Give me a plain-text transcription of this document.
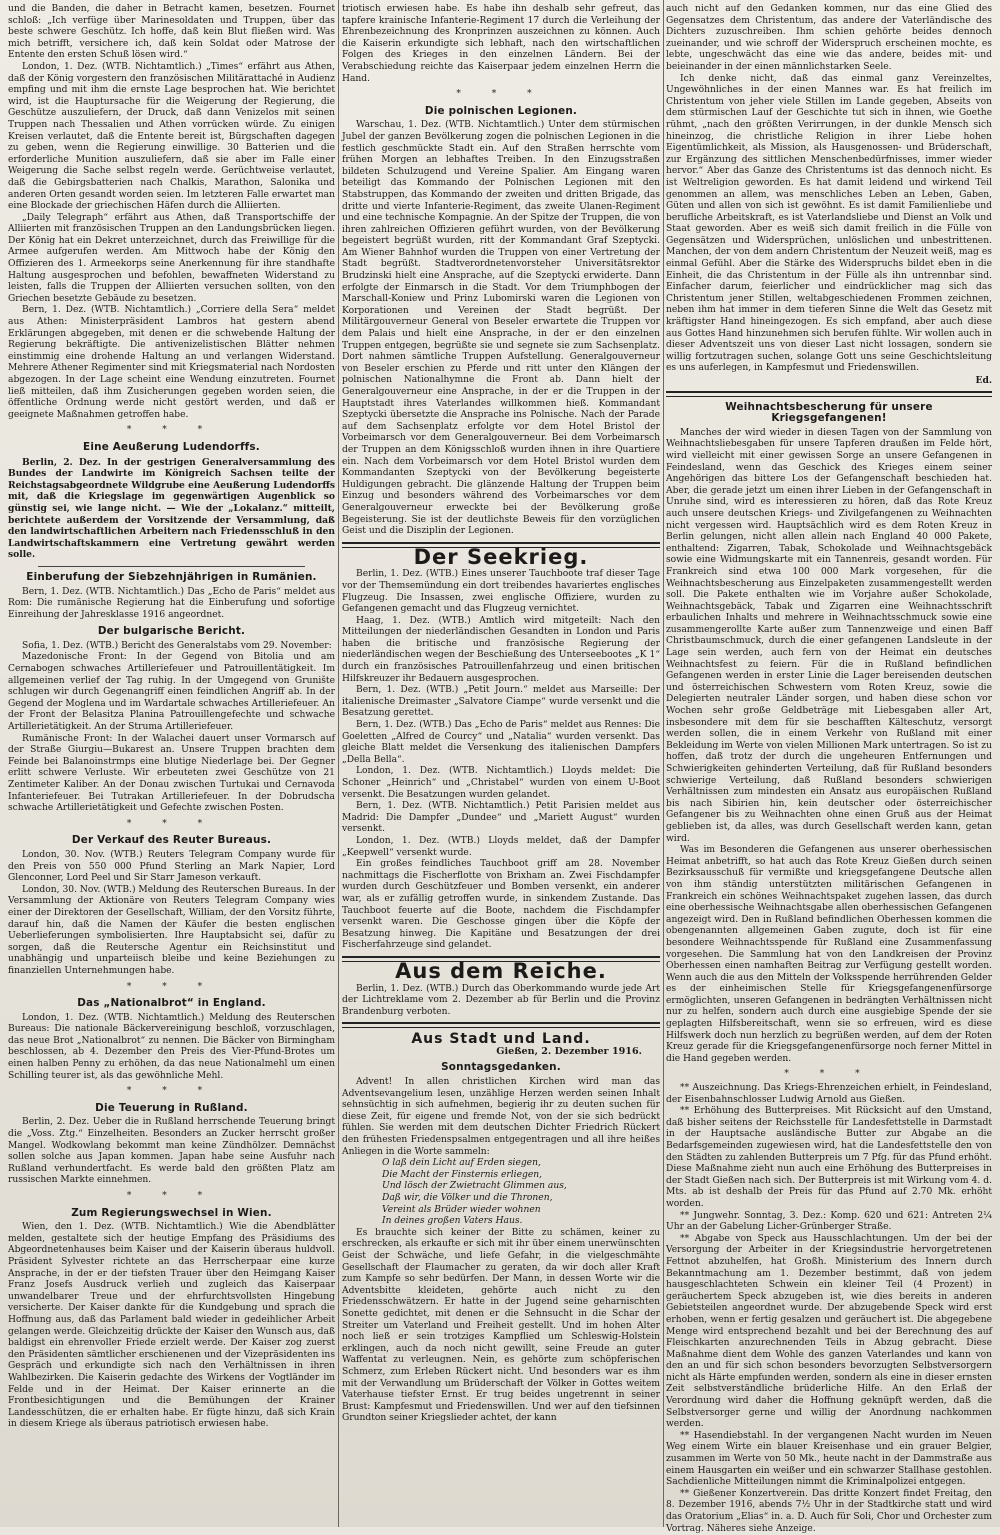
und die Banden, die daher in Betracht kamen, besetzen. Fournet schloß: „Ich verfüge über Marinesoldaten und Truppen, über das beste schwere Geschütz. Ich hoffe, daß kein Blut fließen wird. Was mich betrifft, versichere ich, daß kein Soldat oder Matrose der Entente den ersten Schuß lösen wird.“

London, 1. Dez. (WTB. Nichtamtlich.) „Times“ erfährt aus Athen, daß der König vorgestern den französischen Militärattaché in Audienz empfing und mit ihm die ernste Lage besprochen hat. Wie berichtet wird, ist die Hauptursache für die Weigerung der Regierung, die Geschütze auszuliefern, der Druck, daß dann Venizelos mit seinen Truppen nach Thessalien und Athen vorrücken würde. Zu einigen Kreisen verlautet, daß die Entente bereit ist, Bürgschaften dagegen zu geben, wenn die Regierung einwillige. 30 Batterien und die erforderliche Munition auszuliefern, daß sie aber im Falle einer Weigerung die Sache selbst regeln werde. Gerüchtweise verlautet, daß die Gebirgsbatterien nach Chalkis, Marathon, Salonika und anderen Orten gesandt worden seien. Im letzteren Falle erwartet man eine Blockade der griechischen Häfen durch die Alliierten.

„Daily Telegraph“ erfährt aus Athen, daß Transportschiffe der Alliierten mit französischen Truppen an den Landungsbrücken liegen. Der König hat ein Dekret unterzeichnet, durch das Freiwillige für die Armee aufgerufen werden. Am Mittwoch habe der König den Offizieren des 1. Armeekorps seine Anerkennung für ihre standhafte Haltung ausgesprochen und befohlen, bewaffneten Widerstand zu leisten, falls die Truppen der Alliierten versuchen sollten, von den Griechen besetzte Gebäude zu besetzen.

Bern, 1. Dez. (WTB. Nichtamtlich.) „Corriere della Sera“ meldet aus Athen: Ministerpräsident Lambros hat gestern abend Erklärungen abgegeben, mit denen er die schwebende Haltung der Regierung bekräftigte. Die antivenizelistischen Blätter nehmen einstimmig eine drohende Haltung an und verlangen Widerstand. Mehrere Athener Regimenter sind mit Kriegsmaterial nach Nordosten abgezogen. In der Lage scheint eine Wendung einzutreten. Fournet ließ mitteilen, daß ihm Zusicherungen gegeben worden seien, die öffentliche Ordnung werde nicht gestört werden, und daß er geeignete Maßnahmen getroffen habe.

* * *
Eine Aeußerung Ludendorffs.

Berlin, 2. Dez. In der gestrigen Generalversammlung des Bundes der Landwirte im Königreich Sachsen teilte der Reichstagsabgeordnete Wildgrube eine Aeußerung Ludendorffs mit, daß die Kriegslage im gegenwärtigen Augenblick so günstig sei, wie lange nicht. — Wie der „Lokalanz.“ mitteilt, berichtete außerdem der Vorsitzende der Versammlung, daß den landwirtschaftlichen Arbeitern nach Friedensschluß in den Landwirtschaftskammern eine Vertretung gewährt werden solle.

Einberufung der Siebzehnjährigen in Rumänien.

Bern, 1. Dez. (WTB. Nichtamtlich.) Das „Echo de Paris“ meldet aus Rom: Die rumänische Regierung hat die Einberufung und sofortige Einreihung der Jahresklasse 1916 angeordnet.

Der bulgarische Bericht.

Sofia, 1. Dez. (WTB.) Bericht des Generalstabs vom 29. November:

Mazedonische Front: In der Gegend von Bitolia und am Cernabogen schwaches Artilleriefeuer und Patrouillentätigkeit. Im allgemeinen verlief der Tag ruhig. In der Umgegend von Grunište schlugen wir durch Gegenangriff einen feindlichen Angriff ab. In der Gegend der Moglena und im Wardartale schwaches Artilleriefeuer. An der Front der Belasitza Planina Patrouillengefechte und schwache Artillerietätigkeit. An der Struma Artilleriefeuer.

Rumänische Front: In der Walachei dauert unser Vormarsch auf der Straße Giurgiu—Bukarest an. Unsere Truppen brachten dem Feinde bei Balanoinstrmps eine blutige Niederlage bei. Der Gegner erlitt schwere Verluste. Wir erbeuteten zwei Geschütze von 21 Zentimeter Kaliber. An der Donau zwischen Turtukai und Cernavoda Infanteriefeuer. Bei Tutrakan Artilleriefeuer. In der Dobrudscha schwache Artillerietätigkeit und Gefechte zwischen Posten.

* * *
Der Verkauf des Reuter Bureaus.

London, 30. Nov. (WTB.) Reuters Telegram Company wurde für den Preis von 550 000 Pfund Sterling an Mark Napier, Lord Glenconner, Lord Peel und Sir Starr Jameson verkauft.

London, 30. Nov. (WTB.) Meldung des Reuterschen Bureaus. In der Versammlung der Aktionäre von Reuters Telegram Company wies einer der Direktoren der Gesellschaft, William, der den Vorsitz führte, darauf hin, daß die Namen der Käufer die besten englischen Ueberlieferungen symbolisierten. Ihre Hauptabsicht sei, dafür zu sorgen, daß die Reutersche Agentur ein Reichsinstitut und unabhängig und unparteiisch bleibe und keine Beziehungen zu finanziellen Unternehmungen habe.

* * *
Das „Nationalbrot“ in England.

London, 1. Dez. (WTB. Nichtamtlich.) Meldung des Reuterschen Bureaus: Die nationale Bäckervereinigung beschloß, vorzuschlagen, das neue Brot „Nationalbrot“ zu nennen. Die Bäcker von Birmingham beschlossen, ab 4. Dezember den Preis des Vier-Pfund-Brotes um einen halben Penny zu erhöhen, da das neue Nationalmehl um einen Schilling teurer ist, als das gewöhnliche Mehl.

* * *
Die Teuerung in Rußland.

Berlin, 2. Dez. Ueber die in Rußland herrschende Teuerung bringt die „Voss. Ztg.“ Einzelheiten. Besonders an Zucker herrscht großer Mangel. Wodkowlang bekommt man keine Zündhölzer. Demnächst sollen solche aus Japan kommen. Japan habe seine Ausfuhr nach Rußland verhundertfacht. Es werde bald den größten Platz am russischen Markte einnehmen.

* * *
Zum Regierungswechsel in Wien.

Wien, den 1. Dez. (WTB. Nichtamtlich.) Wie die Abendblätter melden, gestaltete sich der heutige Empfang des Präsidiums des Abgeordnetenhauses beim Kaiser und der Kaiserin überaus huldvoll. Präsident Sylvester richtete an das Herrscherpaar eine kurze Ansprache, in der er der tiefsten Trauer über den Heimgang Kaiser Franz Josefs Ausdruck verlieh und zugleich das Kaiserpaar unwandelbarer Treue und der ehrfurchtsvollsten Hingebung versicherte. Der Kaiser dankte für die Kundgebung und sprach die Hoffnung aus, daß das Parlament bald wieder in gedeihlicher Arbeit gelangen werde. Gleichzeitig drückte der Kaiser den Wunsch aus, daß baldigst ein ehrenvoller Friede erzielt werde. Der Kaiser zog zuerst den Präsidenten sämtlicher erschienenen und der Vizepräsidenten ins Gespräch und erkundigte sich nach den Verhältnissen in ihren Wahlbezirken. Die Kaiserin gedachte des Wirkens der Vogtländer im Felde und in der Heimat. Der Kaiser erinnerte an die Frontbesichtigungen und die Bemühungen der Krainer Landesschützen, die er erhalten habe. Er fügte hinzu, daß sich Krain in diesem Kriege als überaus patriotisch erwiesen habe.

triotisch erwiesen habe. Es habe ihn deshalb sehr gefreut, das tapfere krainische Infanterie-Regiment 17 durch die Verleihung der Ehrenbezeichnung des Kronprinzen auszeichnen zu können. Auch die Kaiserin erkundigte sich lebhaft, nach den wirtschaftlichen Folgen des Krieges in den einzelnen Ländern. Bei der Verabschiedung reichte das Kaiserpaar jedem einzelnen Herrn die Hand.

* * *
Die polnischen Legionen.

Warschau, 1. Dez. (WTB. Nichtamtlich.) Unter dem stürmischen Jubel der ganzen Bevölkerung zogen die polnischen Legionen in die festlich geschmückte Stadt ein. Auf den Straßen herrschte vom frühen Morgen an lebhaftes Treiben. In den Einzugsstraßen bildeten Schulzugend und Vereine Spalier. Am Eingang waren beteiligt das Kommando der Polnischen Legionen mit den Stabstruppen, das Kommando der zweiten und dritten Brigade, das dritte und vierte Infanterie-Regiment, das zweite Ulanen-Regiment und eine technische Kompagnie. An der Spitze der Truppen, die von ihren zahlreichen Offizieren geführt wurden, von der Bevölkerung begeistert begrüßt wurden, ritt der Kommandant Graf Szeptycki. Am Wiener Bahnhof wurden die Truppen von einer Vertretung der Stadt begrüßt. Stadtverordnetenvorsteher Universitätsrektor Brudzinski hielt eine Ansprache, auf die Szeptycki erwiderte. Dann erfolgte der Einmarsch in die Stadt. Vor dem Triumphbogen der Marschall-Koniew und Prinz Lubomirski waren die Legionen von Korporationen und Vereinen der Stadt begrüßt. Der Militärgouverneur General von Beseler erwartete die Truppen vor dem Palais und hielt eine Ansprache, in der er den einzelnen Truppen entgegen, begrüßte sie und segnete sie zum Sachsenplatz. Dort nahmen sämtliche Truppen Aufstellung. Generalgouverneur von Beseler erschien zu Pferde und ritt unter den Klängen der polnischen Nationalhymne die Front ab. Dann hielt der Generalgouverneur eine Ansprache, in der er die Truppen in der Hauptstadt ihres Vaterlandes willkommen hieß. Kommandant Szeptycki übersetzte die Ansprache ins Polnische. Nach der Parade auf dem Sachsenplatz erfolgte vor dem Hotel Bristol der Vorbeimarsch vor dem Generalgouverneur. Bei dem Vorbeimarsch der Truppen an dem Königsschloß wurden ihnen in ihre Quartiere ein. Nach dem Vorbeimarsch vor dem Hotel Bristol wurden dem Kommandanten Szeptycki von der Bevölkerung begeisterte Huldigungen gebracht. Die glänzende Haltung der Truppen beim Einzug und besonders während des Vorbeimarsches vor dem Generalgouverneur erweckte bei der Bevölkerung große Begeisterung. Sie ist der deutlichste Beweis für den vorzüglichen Geist und die Disziplin der Legionen.

Der Seekrieg.

Berlin, 1. Dez. (WTB.) Eines unserer Tauchboote traf dieser Tage vor der Themsemündung ein dort treibendes havariertes englisches Flugzeug. Die Insassen, zwei englische Offiziere, wurden zu Gefangenen gemacht und das Flugzeug vernichtet.

Haag, 1. Dez. (WTB.) Amtlich wird mitgeteilt: Nach den Mitteilungen der niederländischen Gesandten in London und Paris haben die britische und französische Regierung der niederländischen wegen der Beschießung des Unterseebootes „K 1“ durch ein französisches Patrouillenfahrzeug und einen britischen Hilfskreuzer ihr Bedauern ausgesprochen.

Bern, 1. Dez. (WTB.) „Petit Journ.“ meldet aus Marseille: Der italienische Dreimaster „Salvatore Ciampe“ wurde versenkt und die Besatzung gerettet.

Bern, 1. Dez. (WTB.) Das „Echo de Paris“ meldet aus Rennes: Die Goeletten „Alfred de Courcy“ und „Natalia“ wurden versenkt. Das gleiche Blatt meldet die Versenkung des italienischen Dampfers „Della Bella“.

London, 1. Dez. (WTB. Nichtamtlich.) Lloyds meldet: Die Schoner „Heinrich“ und „Christabel“ wurden von einem U-Boot versenkt. Die Besatzungen wurden gelandet.

Bern, 1. Dez. (WTB. Nichtamtlich.) Petit Parisien meldet aus Madrid: Die Dampfer „Dundee“ und „Mariett August“ wurden versenkt.

London, 1. Dez. (WTB.) Lloyds meldet, daß der Dampfer „Keepwell“ versenkt wurde.

Ein großes feindliches Tauchboot griff am 28. November nachmittags die Fischerflotte von Brixham an. Zwei Fischdampfer wurden durch Geschützfeuer und Bomben versenkt, ein anderer war, als er zufällig getroffen wurde, in sinkendem Zustande. Das Tauchboot feuerte auf die Boote, nachdem die Fischdampfer versenkt waren. Die Geschosse gingen über die Köpfe der Besatzung hinweg. Die Kapitäne und Besatzungen der drei Fischerfahrzeuge sind gelandet.

Aus dem Reiche.

Berlin, 1. Dez. (WTB.) Durch das Oberkommando wurde jede Art der Lichtreklame vom 2. Dezember ab für Berlin und die Provinz Brandenburg verboten.

Aus Stadt und Land.
Gießen, 2. Dezember 1916.
Sonntagsgedanken.

Advent! In allen christlichen Kirchen wird man das Adventsevangelium lesen, unzählige Herzen werden seinen Inhalt sehnsüchtig in sich aufnehmen, begierig ihr zu deuten suchen für diese Zeit, für eigene und fremde Not, von der sie sich bedrückt fühlen. Sie werden mit dem deutschen Dichter Friedrich Rückert den frühesten Friedenspsalmen entgegentragen und all ihre heißes Anliegen in die Worte sammeln:

O laß dein Licht auf Erden siegen,

Die Macht der Finsternis erliegen,

Und lösch der Zwietracht Glimmen aus,

Daß wir, die Völker und die Thronen,

Vereint als Brüder wieder wohnen

In deines großen Vaters Haus.

Es brauchte sich keiner der Bitte zu schämen, keiner zu erschrecken, als erkaufte er sich mit ihr über einem unerwünschten Geist der Schwäche, und liefe Gefahr, in die vielgeschmähte Gesellschaft der Flaumacher zu geraten, da wir doch aller Kraft zum Kampfe so sehr bedürfen. Der Mann, in dessen Worte wir die Adventsbitte kleideten, gehörte auch nicht zu den Friedensschwätzern. Er hatte in der Jugend seine geharnischten Sonette gedichtet, mit denen er die Sehnsucht in die Schar der Streiter um Vaterland und Freiheit gestellt. Und im hohen Alter noch ließ er sein trotziges Kampflied um Schleswig-Holstein erklingen, auch da noch nicht gewillt, seine Freude an guter Waffentat zu verleugnen. Nein, es gehörte zum schöpferischen Schmerz, zum Erleben Rückert nicht. Und besonders war es ihm mit der Verwandlung um Brüderschaft der Völker in Gottes weitem Vaterhause tiefster Ernst. Er trug beides ungetrennt in seiner Brust: Kampfesmut und Friedenswillen. Und wer auf den tiefsinnen Grundton seiner Kriegslieder achtet, der kann

auch nicht auf den Gedanken kommen, nur das eine Glied des Gegensatzes dem Christentum, das andere der Vaterländische des Dichters zuzuschreiben. Ihm schien gehörte beides dennoch zueinander, und wie schroff der Widerspruch erscheinen mochte, es lebte, ungeschwächt das eine wie das andere, beides mit- und beieinander in der einen männlichstarken Seele.

Ich denke nicht, daß das einmal ganz Vereinzeltes, Ungewöhnliches in der einen Mannes war. Es hat freilich im Christentum von jeher viele Stillen im Lande gegeben, Abseits von dem stürmischen Lauf der Geschichte tut sich in ihnen, wie Goethe rühmt, „nach den größten Verirrungen, in der dunkle Mensch sich hineinzog, die christliche Religion in ihrer Liebe hohen Eigentümlichkeit, als Mission, als Hausgenossen- und Brüderschaft, zur Ergänzung des sittlichen Menschenbedürfnisses, immer wieder hervor.“ Aber das Ganze des Christentums ist das dennoch nicht. Es ist Weltreligion geworden. Es hat damit leidend und wirkend Teil genommen an allem, was menschliches Leben an Leben, Gaben, Güten und allen von sich ist gewöhnt. Es ist damit Familienliebe und berufliche Arbeitskraft, es ist Vaterlandsliebe und Dienst an Volk und Staat geworden. Aber es weiß sich damit freilich in die Fülle von Gegensätzen und Widersprüchen, unlöslichen und unbestrittenen. Manchen, der von dem andern Christentum der Neuzeit weiß, mag es einmal Gefühl. Aber die Stärke des Widerspruchs bildet eben in die Einheit, die das Christentum in der Fülle als ihn untrennbar sind. Einfacher darum, feierlicher und eindrücklicher mag sich das Christentum jener Stillen, weltabgeschiedenen Frommen zeichnen, neben ihm hat immer in dem tieferen Sinne die Welt das Gesetz mit kräftigster Hand hineingezogen. Es sich empfand, aber auch diese aus Gottes Hand hinzunehmen sich berufen fühlte. Wir wollen auch in dieser Adventszeit uns von dieser Last nicht lossagen, sondern sie willig fortzutragen suchen, solange Gott uns seine Geschichtsleitung es uns auferlegen, in Kampfesmut und Friedenswillen.

Ed.
Weihnachtsbescherung für unsere Kriegsgefangenen!

Manches der wird wieder in diesen Tagen von der Sammlung von Weihnachtsliebesgaben für unsere Tapferen draußen im Felde hört, wird vielleicht mit einer gewissen Sorge an unsere Gefangenen in Feindesland, wenn das Geschick des Krieges einem seiner Angehörigen das bittere Los der Gefangenschaft beschieden hat. Aber, die gerade jetzt um einen ihrer Lieben in der Gefangenschaft in Unruhe sind, wird es interessieren zu hören, daß das Rote Kreuz auch unsere deutschen Kriegs- und Zivilgefangenen zu Weihnachten nicht vergessen wird. Hauptsächlich wird es dem Roten Kreuz in Berlin gelungen, nicht allen allein nach England 40 000 Pakete, enthaltend: Zigarren, Tabak, Schokolade und Weihnachtsgebäck sowie eine Widmungskarte mit ein Tannenreis, gesandt worden. Für Frankreich sind etwa 100 000 Mark vorgesehen, für die Weihnachtsbescherung aus Einzelpaketen zusammengestellt werden soll. Die Pakete enthalten wie im Vorjahre außer Schokolade, Weihnachtsgebäck, Tabak und Zigarren eine Weihnachtsschrift erbaulichen Inhalts und mehrere in Weihnachtsschmuck sowie eine zusammengerollte Karte außer zum Tannenzweige und einen Baff Christbaumschmuck, durch die einer gefangenen Landsleute in der Lage sein werden, auch fern von der Heimat ein deutsches Weihnachtsfest zu feiern. Für die in Rußland befindlichen Gefangenen werden in erster Linie die Lager bereisenden deutschen und österreichischen Schwestern vom Roten Kreuz, sowie die Delegierten neutraler Länder sorgen, und haben diese schon vor Wochen sehr große Geldbeträge mit Liebesgaben aller Art, insbesondere mit dem für sie beschafften Kälteschutz, versorgt werden sollen, die in einem Verkehr von Rußland mit einer Bekleidung im Werte von vielen Millionen Mark untertragen. So ist zu hoffen, daß trotz der durch die ungeheuren Entfernungen und Schwierigkeiten gehinderten Verteilung, daß für Rußland besonders schwierige Verteilung, daß Rußland besonders schwierigen Verhältnissen zum mindesten ein Ansatz aus europäischen Rußland bis nach Sibirien hin, kein deutscher oder österreichischer Gefangener bis zu Weihnachten ohne einen Gruß aus der Heimat geblieben ist, da alles, was durch Gesellschaft werden kann, getan wird.

Was im Besonderen die Gefangenen aus unserer oberhessischen Heimat anbetrifft, so hat auch das Rote Kreuz Gießen durch seinen Bezirksausschuß für vermißte und kriegsgefangene Deutsche allen von ihm ständig unterstützten militärischen Gefangenen in Frankreich ein schönes Weihnachtspaket zugehen lassen, das durch eine oberhessische Weihnachtsgabe allen oberhessischen Gefangenen angezeigt wird. Den in Rußland befindlichen Oberhessen kommen die obengenannten allgemeinen Gaben zugute, doch ist für eine besondere Weihnachtsspende für Rußland eine Zusammenfassung vorgesehen. Die Sammlung hat von den Landkreisen der Provinz Oberhessen einen namhaften Beitrag zur Verfügung gestellt worden. Wenn auch die aus den Mitteln der Volksspende herrührenden Gelder es der einheimischen Stelle für Kriegsgefangenenfürsorge ermöglichten, unseren Gefangenen in bedrängten Verhältnissen nicht nur zu helfen, sondern auch durch eine ausgiebige Spende der sie geplagten Hilfsbereitschaft, wenn sie so erfreuen, wird es diese Hilfswerk doch nun herzlich zu begrüßen werden, auf dem der Roten Kreuz gerade für die Kriegsgefangenenfürsorge noch ferner Mittel in die Hand gegeben werden.

* * *

** Auszeichnung. Das Kriegs-Ehrenzeichen erhielt, in Feindesland, der Eisenbahnschlosser Ludwig Arnold aus Gießen.

** Erhöhung des Butterpreises. Mit Rücksicht auf den Umstand, daß bisher seitens der Reichsstelle für Landesfettstelle in Darmstadt in der Hauptsache ausländische Butter zur Abgabe an die Bedarfsgemeinden zugewiesen wird, hat die Landesfettstelle den von den Städten zu zahlenden Butterpreis um 7 Pfg. für das Pfund erhöht. Diese Maßnahme zieht nun auch eine Erhöhung des Butterpreises in der Stadt Gießen nach sich. Der Butterpreis ist mit Wirkung vom 4. d. Mts. ab ist deshalb der Preis für das Pfund auf 2.70 Mk. erhöht worden.

** Jungwehr. Sonntag, 3. Dez.: Komp. 620 und 621: Antreten 2¼ Uhr an der Gabelung Licher-Grünberger Straße.

** Abgabe von Speck aus Hausschlachtungen. Um der bei der Versorgung der Arbeiter in der Kriegsindustrie hervorgetretenen Fettnot abzuhelfen, hat Großh. Ministerium des Innern durch Bekanntmachung am 1. Dezember bestimmt, daß von jedem hausgeschlachteten Schwein ein kleiner Teil (4 Prozent) in geräuchertem Speck abzugeben ist, wie dies bereits in anderen Gebietsteilen angeordnet wurde. Der abzugebende Speck wird erst erhoben, wenn er fertig gesalzen und geräuchert ist. Die abgegebene Menge wird entsprechend bezahlt und bei der Berechnung des auf Fleischkarten anzurechnenden Teils in Abzug gebracht. Diese Maßnahme dient dem Wohle des ganzen Vaterlandes und kann von den an und für sich schon besonders bevorzugten Selbstversorgern nicht als Härte empfunden werden, sondern als eine in dieser ernsten Zeit selbstverständliche brüderliche Hilfe. An den Erlaß der Verordnung wird daher die Hoffnung geknüpft werden, daß die Selbstversorger gerne und willig der Anordnung nachkommen werden.

** Hasendiebstahl. In der vergangenen Nacht wurden im Neuen Weg einem Wirte ein blauer Kreisenhase und ein grauer Belgier, zusammen im Werte von 50 Mk., heute nacht in der Dammstraße aus einem Hausgarten ein weißer und ein schwarzer Stallhase gestohlen. Sachdienliche Mitteilungen nimmt die Kriminalpolizei entgegen.

** Gießener Konzertverein. Das dritte Konzert findet Freitag, den 8. Dezember 1916, abends 7½ Uhr in der Stadtkirche statt und wird das Oratorium „Elias“ in. a. D. Auch für Soli, Chor und Orchester zum Vortrag. Näheres siehe Anzeige.
